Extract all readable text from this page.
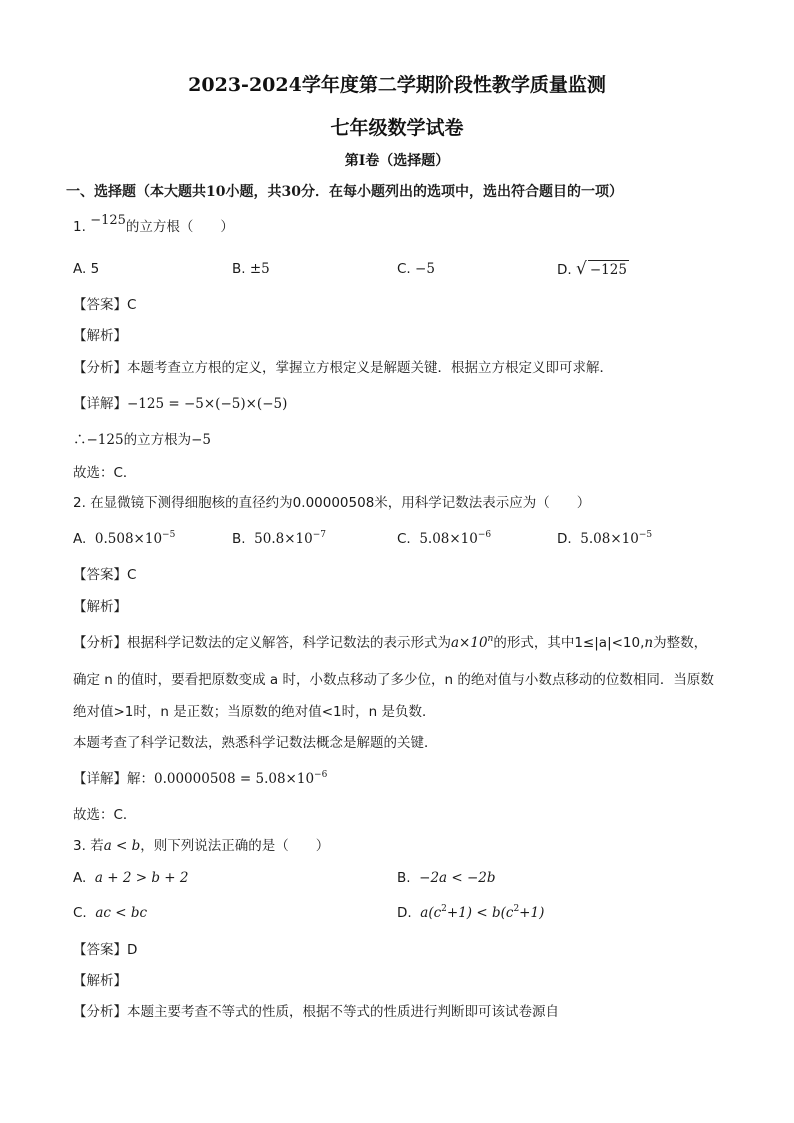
2023-2024学年度第二学期阶段性教学质量监测
七年级数学试卷
第Ⅰ卷（选择题）
一、选择题（本大题共10小题，共30分．在每小题列出的选项中，选出符合题目的一项）
1. $^{-125}$的立方根（　　）
A. 5	B. ±5	C. −5	D. √ −125
【答案】C
【解析】
【分析】本题考查立方根的定义，掌握立方根定义是解题关键．根据立方根定义即可求解．
【详解】−125 = −5×(−5)×(−5)
∴−125的立方根为−5
故选：C．
2. 在显微镜下测得细胞核的直径约为0.00000508米，用科学记数法表示应为（　　）
A. $0.508\times 10^{-5}$	B. $50.8\times 10^{-7}$	C. $5.08\times 10^{-6}$	D. $5.08\times 10^{-5}$
【答案】C
【解析】
【分析】根据科学记数法的定义解答，科学记数法的表示形式为$a\times 10^n$的形式，其中1≤|a|<10,n为整数，
确定 n 的值时，要看把原数变成 a 时，小数点移动了多少位，n 的绝对值与小数点移动的位数相同．当原数
绝对值>1时，n 是正数；当原数的绝对值<1时，n 是负数．
本题考查了科学记数法，熟悉科学记数法概念是解题的关键．
【详解】解：$0.00000508 = 5.08\times 10^{-6}$
故选：C．
3. 若a < b，则下列说法正确的是（　　）
A. a + 2 > b + 2	B. −2a < −2b
C. ac < bc	D. $a(c^2+1) < b(c^2+1)$
【答案】D
【解析】
【分析】本题主要考查不等式的性质，根据不等式的性质进行判断即可该试卷源自
